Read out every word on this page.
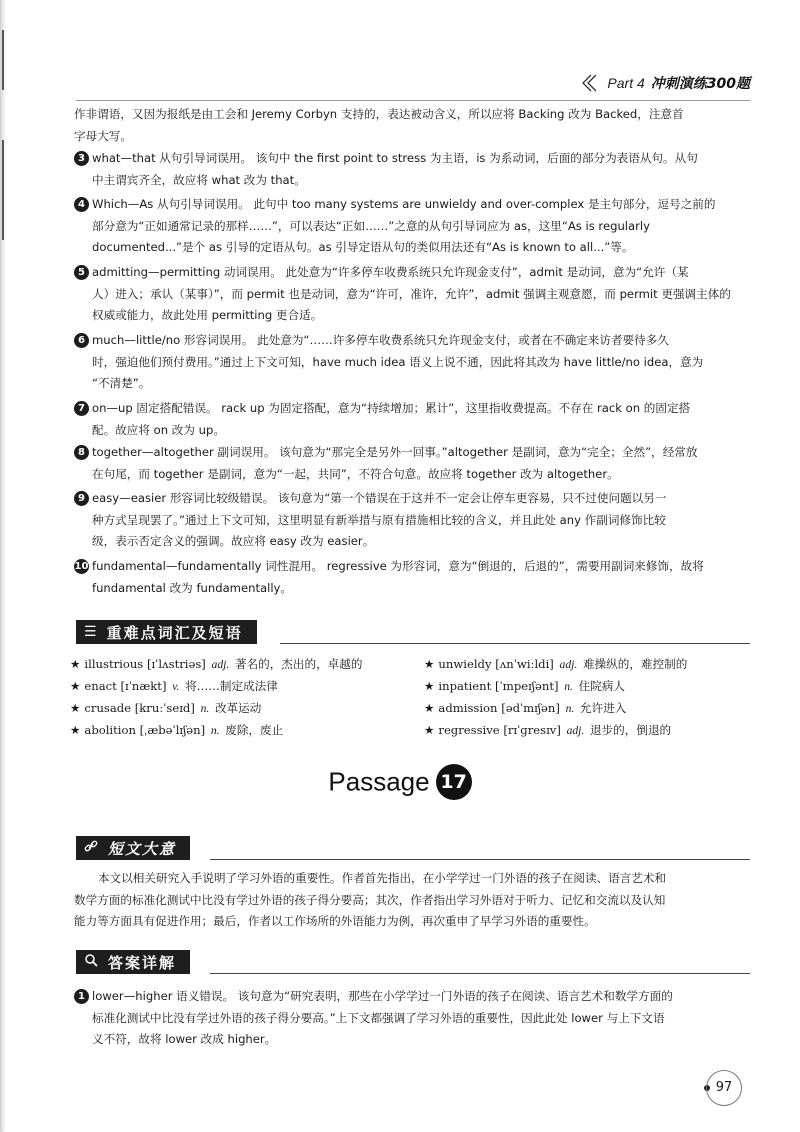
Part 4 冲刺演练300题
作非谓语，又因为报纸是由工会和 Jeremy Corbyn 支持的，表达被动含义，所以应将 Backing 改为 Backed，注意首
字母大写。
3 what—that 从句引导词误用。 该句中 the first point to stress 为主语，is 为系动词，后面的部分为表语从句。从句
中主谓宾齐全，故应将 what 改为 that。
4 Which—As 从句引导词误用。 此句中 too many systems are unwieldy and over-complex 是主句部分，逗号之前的
部分意为“正如通常记录的那样……”，可以表达“正如……”之意的从句引导词应为 as，这里“As is regularly
documented...”是个 as 引导的定语从句。as 引导定语从句的类似用法还有“As is known to all...”等。
5 admitting—permitting 动词误用。 此处意为“许多停车收费系统只允许现金支付”，admit 是动词，意为“允许（某
人）进入；承认（某事）”，而 permit 也是动词，意为“许可，准许，允许”，admit 强调主观意愿，而 permit 更强调主体的
权威或能力，故此处用 permitting 更合适。
6 much—little/no 形容词误用。 此处意为“……许多停车收费系统只允许现金支付，或者在不确定来访者要待多久
时，强迫他们预付费用。”通过上下文可知，have much idea 语义上说不通，因此将其改为 have little/no idea，意为
“不清楚”。
7 on—up 固定搭配错误。 rack up 为固定搭配，意为“持续增加；累计”，这里指收费提高。不存在 rack on 的固定搭
配。故应将 on 改为 up。
8 together—altogether 副词误用。 该句意为“那完全是另外一回事。”altogether 是副词，意为“完全；全然”，经常放
在句尾，而 together 是副词，意为“一起，共同”，不符合句意。故应将 together 改为 altogether。
9 easy—easier 形容词比较级错误。 该句意为“第一个错误在于这并不一定会让停车更容易，只不过使问题以另一
种方式呈现罢了。”通过上下文可知，这里明显有新举措与原有措施相比较的含义，并且此处 any 作副词修饰比较
级，表示否定含义的强调。故应将 easy 改为 easier。
10 fundamental—fundamentally 词性混用。 regressive 为形容词，意为“倒退的，后退的”，需要用副词来修饰，故将
fundamental 改为 fundamentally。
☰ 重难点词汇及短语
★ illustrious [ɪˈlʌstriəs] adj. 著名的，杰出的，卓越的
★ enact [ɪˈnækt] v. 将……制定成法律
★ crusade [kruːˈseɪd] n. 改革运动
★ abolition [ˌæbəˈlɪʃən] n. 废除，废止
★ unwieldy [ʌnˈwiːldi] adj. 难操纵的，难控制的
★ inpatient [ˈɪnpeɪʃənt] n. 住院病人
★ admission [ədˈmɪʃən] n. 允许进入
★ regressive [rɪˈɡresɪv] adj. 退步的，倒退的
Passage 17
短文大意
本文以相关研究入手说明了学习外语的重要性。作者首先指出，在小学学过一门外语的孩子在阅读、语言艺术和
数学方面的标准化测试中比没有学过外语的孩子得分要高；其次，作者指出学习外语对于听力、记忆和交流以及认知
能力等方面具有促进作用；最后，作者以工作场所的外语能力为例，再次重申了早学习外语的重要性。
答案详解
1 lower—higher 语义错误。 该句意为“研究表明，那些在小学学过一门外语的孩子在阅读、语言艺术和数学方面的
标准化测试中比没有学过外语的孩子得分要高。”上下文都强调了学习外语的重要性，因此此处 lower 与上下文语
义不符，故将 lower 改成 higher。
97
